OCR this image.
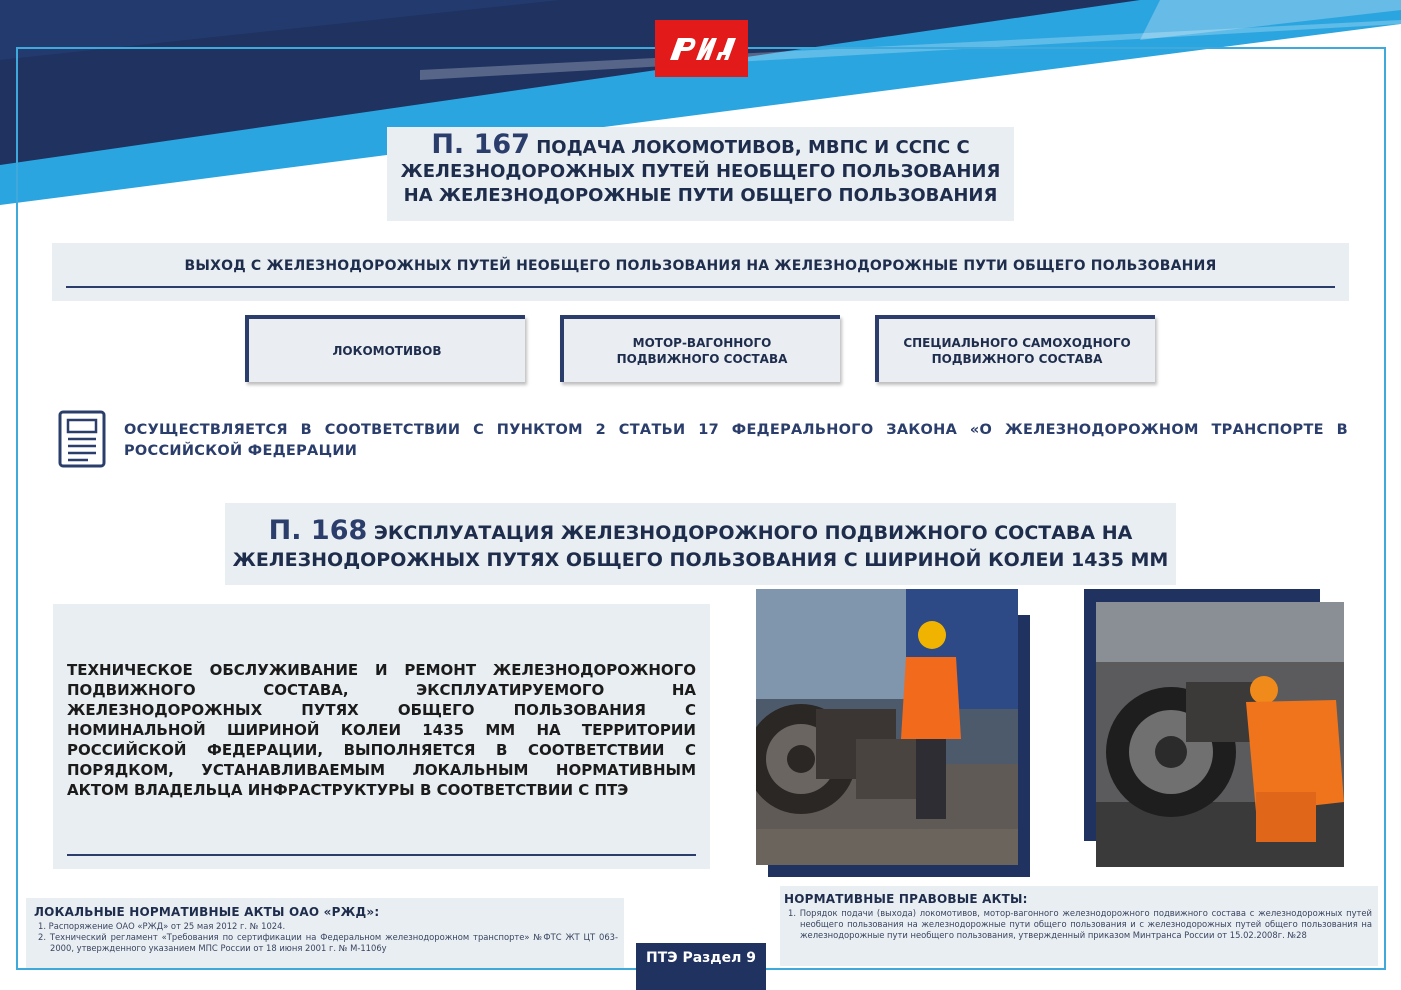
П. 167 ПОДАЧА ЛОКОМОТИВОВ, МВПС И ССПС С ЖЕЛЕЗНОДОРОЖНЫХ ПУТЕЙ НЕОБЩЕГО ПОЛЬЗОВАНИЯ НА ЖЕЛЕЗНОДОРОЖНЫЕ ПУТИ ОБЩЕГО ПОЛЬЗОВАНИЯ
ВЫХОД С ЖЕЛЕЗНОДОРОЖНЫХ ПУТЕЙ НЕОБЩЕГО ПОЛЬЗОВАНИЯ НА ЖЕЛЕЗНОДОРОЖНЫЕ ПУТИ ОБЩЕГО ПОЛЬЗОВАНИЯ
ЛОКОМОТИВОВ
МОТОР-ВАГОННОГО ПОДВИЖНОГО СОСТАВА
СПЕЦИАЛЬНОГО САМОХОДНОГО ПОДВИЖНОГО СОСТАВА
ОСУЩЕСТВЛЯЕТСЯ В СООТВЕТСТВИИ С ПУНКТОМ 2 СТАТЬИ 17 ФЕДЕРАЛЬНОГО ЗАКОНА «О ЖЕЛЕЗНОДОРОЖНОМ ТРАНСПОРТЕ В РОССИЙСКОЙ ФЕДЕРАЦИИ
П. 168 ЭКСПЛУАТАЦИЯ ЖЕЛЕЗНОДОРОЖНОГО ПОДВИЖНОГО СОСТАВА НА ЖЕЛЕЗНОДОРОЖНЫХ ПУТЯХ ОБЩЕГО ПОЛЬЗОВАНИЯ С ШИРИНОЙ КОЛЕИ 1435 ММ
ТЕХНИЧЕСКОЕ ОБСЛУЖИВАНИЕ И РЕМОНТ ЖЕЛЕЗНОДОРОЖНОГО ПОДВИЖНОГО СОСТАВА, ЭКСПЛУАТИРУЕМОГО НА ЖЕЛЕЗНОДОРОЖНЫХ ПУТЯХ ОБЩЕГО ПОЛЬЗОВАНИЯ С НОМИНАЛЬНОЙ ШИРИНОЙ КОЛЕИ 1435 ММ НА ТЕРРИТОРИИ РОССИЙСКОЙ ФЕДЕРАЦИИ, ВЫПОЛНЯЕТСЯ В СООТВЕТСТВИИ С ПОРЯДКОМ, УСТАНАВЛИВАЕМЫМ ЛОКАЛЬНЫМ НОРМАТИВНЫМ АКТОМ ВЛАДЕЛЬЦА ИНФРАСТРУКТУРЫ В СООТВЕТСТВИИ С ПТЭ
ЛОКАЛЬНЫЕ НОРМАТИВНЫЕ АКТЫ ОАО «РЖД»:
1. Распоряжение ОАО «РЖД» от 25 мая 2012 г. № 1024.
2. Технический регламент «Требования по сертификации на Федеральном железнодорожном транспорте» №ФТС ЖТ ЦТ 063-2000, утвержденного указанием МПС России от 18 июня 2001 г. № М-1106у
НОРМАТИВНЫЕ ПРАВОВЫЕ АКТЫ:
1. Порядок подачи (выхода) локомотивов, мотор-вагонного железнодорожного подвижного состава с железнодорожных путей необщего пользования на железнодорожные пути общего пользования и с железнодорожных путей общего пользования на железнодорожные пути необщего пользования, утвержденный приказом Минтранса России от 15.02.2008г. №28
ПТЭ Раздел 9
